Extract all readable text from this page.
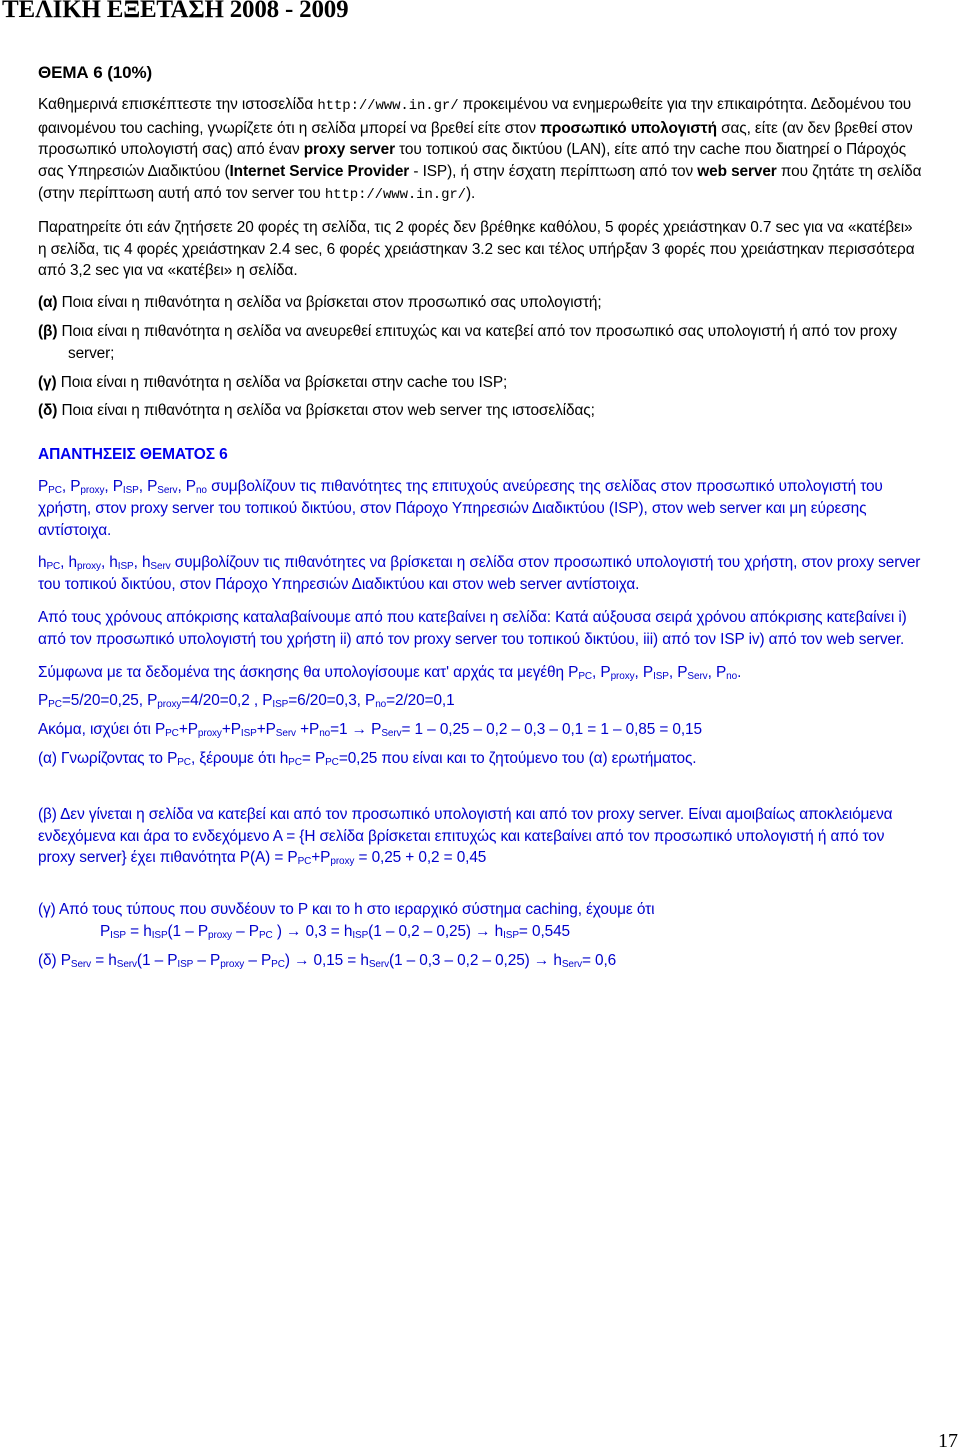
ΤΕΛΙΚΗ ΕΞΕΤΑΣΗ 2008 - 2009
ΘΕΜΑ 6 (10%)

Καθημερινά επισκέπτεστε την ιστοσελίδα http://www.in.gr/ προκειμένου να ενημερωθείτε για την επικαιρότητα. Δεδομένου του φαινομένου του caching, γνωρίζετε ότι η σελίδα μπορεί να βρεθεί είτε στον προσωπικό υπολογιστή σας, είτε (αν δεν βρεθεί στον προσωπικό υπολογιστή σας) από έναν proxy server του τοπικού σας δικτύου (LAN), είτε από την cache που διατηρεί ο Πάροχός σας Υπηρεσιών Διαδικτύου (Internet Service Provider - ISP), ή στην έσχατη περίπτωση από τον web server που ζητάτε τη σελίδα (στην περίπτωση αυτή από τον server του http://www.in.gr/).

Παρατηρείτε ότι εάν ζητήσετε 20 φορές τη σελίδα, τις 2 φορές δεν βρέθηκε καθόλου, 5 φορές χρειάστηκαν 0.7 sec για να «κατέβει» η σελίδα, τις 4 φορές χρειάστηκαν 2.4 sec, 6 φορές χρειάστηκαν 3.2 sec και τέλος υπήρξαν 3 φορές που χρειάστηκαν περισσότερα από 3,2 sec για να «κατέβει» η σελίδα.

(α) Ποια είναι η πιθανότητα η σελίδα να βρίσκεται στον προσωπικό σας υπολογιστή;

(β) Ποια είναι η πιθανότητα η σελίδα να ανευρεθεί επιτυχώς και να κατεβεί από τον προσωπικό σας υπολογιστή ή από τον proxy server;

(γ) Ποια είναι η πιθανότητα η σελίδα να βρίσκεται στην cache του ISP;

(δ) Ποια είναι η πιθανότητα η σελίδα να βρίσκεται στον web server της ιστοσελίδας;

ΑΠΑΝΤΗΣΕΙΣ ΘΕΜΑΤΟΣ 6

$P_{PC}$, $P_{proxy}$, $P_{ISP}$, $P_{Serv}$, $P_{no}$ συμβολίζουν τις πιθανότητες της επιτυχούς ανεύρεσης της σελίδας στον προσωπικό υπολογιστή του χρήστη, στον proxy server του τοπικού δικτύου, στον Πάροχο Υπηρεσιών Διαδικτύου (ISP), στον web server και μη εύρεσης αντίστοιχα.

$h_{PC}$, $h_{proxy}$, $h_{ISP}$, $h_{Serv}$ συμβολίζουν τις πιθανότητες να βρίσκεται η σελίδα στον προσωπικό υπολογιστή του χρήστη, στον proxy server του τοπικού δικτύου, στον Πάροχο Υπηρεσιών Διαδικτύου και στον web server αντίστοιχα.

Από τους χρόνους απόκρισης καταλαβαίνουμε από που κατεβαίνει η σελίδα: Κατά αύξουσα σειρά χρόνου απόκρισης κατεβαίνει i) από τον προσωπικό υπολογιστή του χρήστη ii) από τον proxy server του τοπικού δικτύου, iii) από τον ISP iv) από τον web server.

Σύμφωνα με τα δεδομένα της άσκησης θα υπολογίσουμε κατ' αρχάς τα μεγέθη $P_{PC}$, $P_{proxy}$, $P_{ISP}$, $P_{Serv}$, $P_{no}$.

$P_{PC}=5/20=0,25$, $P_{proxy}=4/20=0,2$ , $P_{ISP}=6/20=0,3$, $P_{no}=2/20=0,1$

Ακόμα, ισχύει ότι $P_{PC}+P_{proxy}+P_{ISP}+P_{Serv} +P_{no}=1 \to P_{Serv}= 1 - 0,25 - 0,2 - 0,3 - 0,1 = 1 - 0,85 = 0,15$

(α) Γνωρίζοντας το $P_{PC}$, ξέρουμε ότι $h_{PC}= P_{PC}=0,25$ που είναι και το ζητούμενο του (α) ερωτήματος.

(β) Δεν γίνεται η σελίδα να κατεβεί και από τον προσωπικό υπολογιστή και από τον proxy server. Είναι αμοιβαίως αποκλειόμενα ενδεχόμενα και άρα το ενδεχόμενο Α = {Η σελίδα βρίσκεται επιτυχώς και κατεβαίνει από τον προσωπικό υπολογιστή ή από τον proxy server} έχει πιθανότητα $P(A) = P_{PC}+P_{proxy} = 0,25 + 0,2 = 0,45$

(γ) Από τους τύπους που συνδέουν το P και το h στο ιεραρχικό σύστημα caching, έχουμε ότι

$P_{ISP} = h_{ISP}(1 - P_{proxy} - P_{PC}$ ) → $0,3 = h_{ISP}(1 - 0,2 - 0,25) \to h_{ISP}= 0,545$

(δ) $P_{Serv} = h_{Serv}(1 - P_{ISP} - P_{proxy} - P_{PC}) \to 0,15 = h_{Serv}(1 - 0,3 - 0,2 - 0,25) \to h_{Serv}= 0,6$

17
